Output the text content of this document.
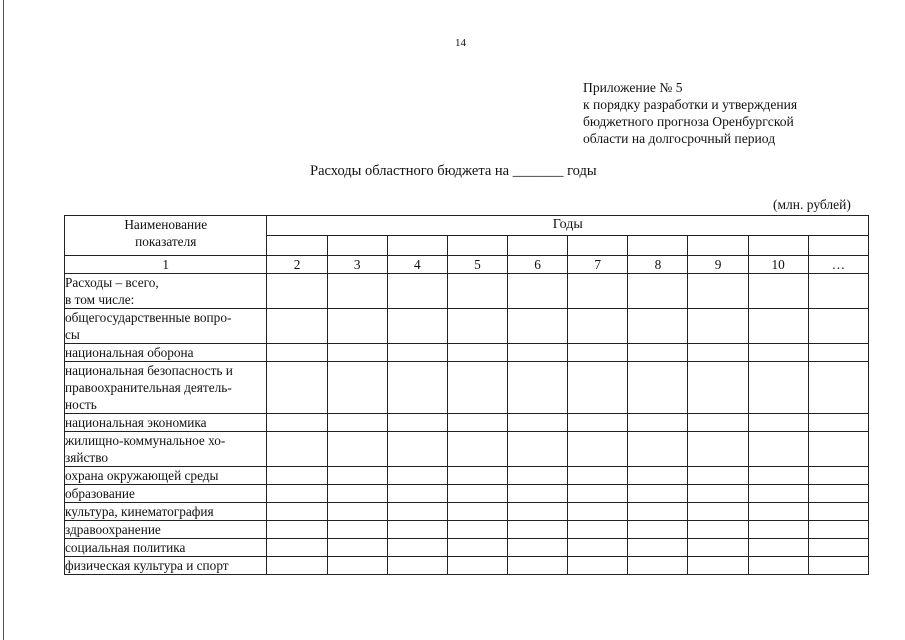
14
Приложение № 5
к порядку разработки и утверждения
бюджетного прогноза Оренбургской
области на долгосрочный период
Расходы областного бюджета на _______ годы
(млн. рублей)
Наименование
показателя	Годы									

1	2	3	4	5	6	7	8	9	10	…

Расходы – всего,
в том числе:										

общегосударственные вопро-
сы										

национальная оборона										

национальная безопасность и
правоохранительная деятель-
ность										

национальная экономика										

жилищно-коммунальное хо-
зяйство										

охрана окружающей среды										

образование										

культура, кинематография										

здравоохранение										

социальная политика										

физическая культура и спорт										
